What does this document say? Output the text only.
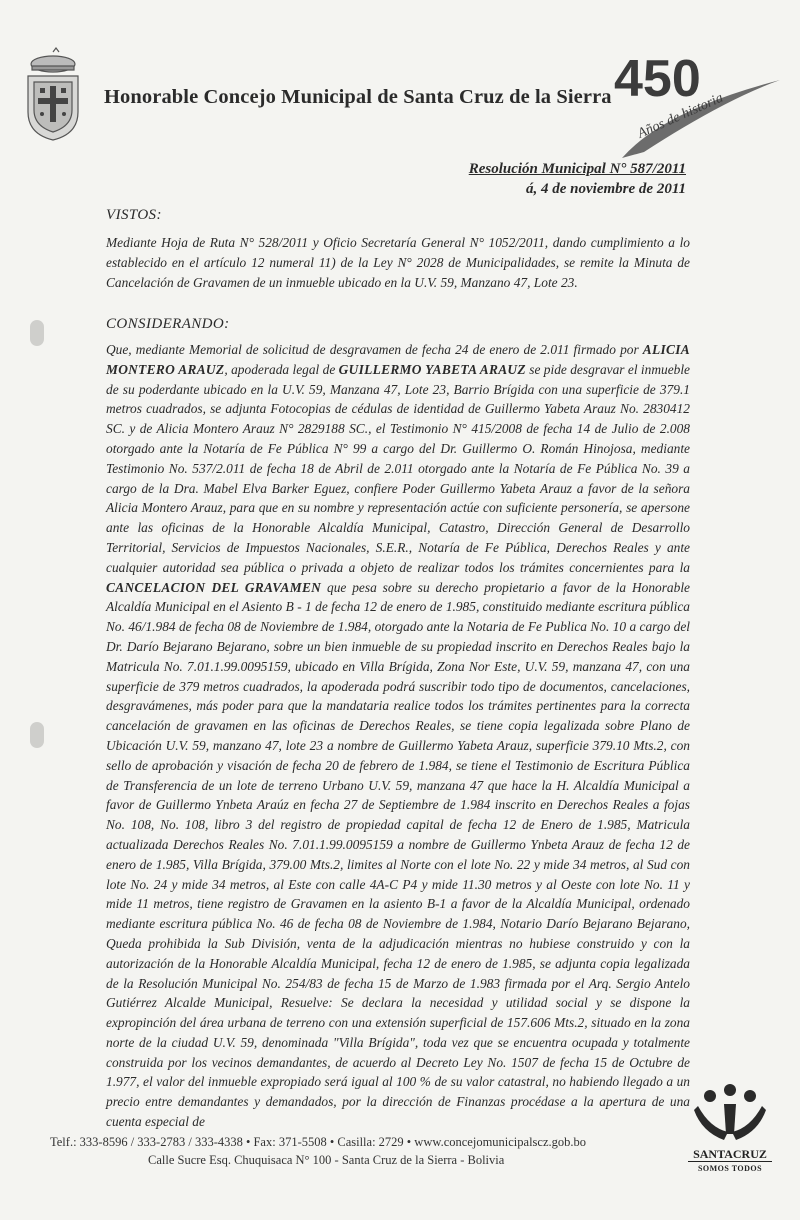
Honorable Concejo Municipal de Santa Cruz de la Sierra 450
Años de historia
Resolución Municipal N° 587/2011
á, 4 de noviembre de 2011
VISTOS:
Mediante Hoja de Ruta N° 528/2011 y Oficio Secretaría General N° 1052/2011, dando cumplimiento a lo establecido en el artículo 12 numeral 11) de la Ley N° 2028 de Municipalidades, se remite la Minuta de Cancelación de Gravamen de un inmueble ubicado en la U.V. 59, Manzano 47, Lote 23.
CONSIDERANDO:
Que, mediante Memorial de solicitud de desgravamen de fecha 24 de enero de 2.011 firmado por ALICIA MONTERO ARAUZ, apoderada legal de GUILLERMO YABETA ARAUZ se pide desgravar el inmueble de su poderdante ubicado en la U.V. 59, Manzana 47, Lote 23, Barrio Brígida con una superficie de 379.1 metros cuadrados, se adjunta Fotocopias de cédulas de identidad de Guillermo Yabeta Arauz No. 2830412 SC. y de Alicia Montero Arauz N° 2829188 SC., el Testimonio N° 415/2008 de fecha 14 de Julio de 2.008 otorgado ante la Notaría de Fe Pública N° 99 a cargo del Dr. Guillermo O. Román Hinojosa, mediante Testimonio No. 537/2.011 de fecha 18 de Abril de 2.011 otorgado ante la Notaría de Fe Pública No. 39 a cargo de la Dra. Mabel Elva Barker Eguez, confiere Poder Guillermo Yabeta Arauz a favor de la señora Alicia Montero Arauz, para que en su nombre y representación actúe con suficiente personería, se apersone ante las oficinas de la Honorable Alcaldía Municipal, Catastro, Dirección General de Desarrollo Territorial, Servicios de Impuestos Nacionales, S.E.R., Notaría de Fe Pública, Derechos Reales y ante cualquier autoridad sea pública o privada a objeto de realizar todos los trámites concernientes para la CANCELACION DEL GRAVAMEN que pesa sobre su derecho propietario a favor de la Honorable Alcaldía Municipal en el Asiento B - 1 de fecha 12 de enero de 1.985, constituido mediante escritura pública No. 46/1.984 de fecha 08 de Noviembre de 1.984, otorgado ante la Notaria de Fe Publica No. 10 a cargo del Dr. Darío Bejarano Bejarano, sobre un bien inmueble de su propiedad inscrito en Derechos Reales bajo la Matricula No. 7.01.1.99.0095159, ubicado en Villa Brígida, Zona Nor Este, U.V. 59, manzana 47, con una superficie de 379 metros cuadrados, la apoderada podrá suscribir todo tipo de documentos, cancelaciones, desgravámenes, más poder para que la mandataria realice todos los trámites pertinentes para la correcta cancelación de gravamen en las oficinas de Derechos Reales, se tiene copia legalizada sobre Plano de Ubicación U.V. 59, manzano 47, lote 23 a nombre de Guillermo Yabeta Arauz, superficie 379.10 Mts.2, con sello de aprobación y visación de fecha 20 de febrero de 1.984, se tiene el Testimonio de Escritura Pública de Transferencia de un lote de terreno Urbano U.V. 59, manzana 47 que hace la H. Alcaldía Municipal a favor de Guillermo Ynbeta Araúz en fecha 27 de Septiembre de 1.984 inscrito en Derechos Reales a fojas No. 108, No. 108, libro 3 del registro de propiedad capital de fecha 12 de Enero de 1.985, Matricula actualizada Derechos Reales No. 7.01.1.99.0095159 a nombre de Guillermo Ynbeta Arauz de fecha 12 de enero de 1.985, Villa Brígida, 379.00 Mts.2, limites al Norte con el lote No. 22 y mide 34 metros, al Sud con lote No. 24 y mide 34 metros, al Este con calle 4A-C P4 y mide 11.30 metros y al Oeste con lote No. 11 y mide 11 metros, tiene registro de Gravamen en la asiento B-1 a favor de la Alcaldía Municipal, ordenado mediante escritura pública No. 46 de fecha 08 de Noviembre de 1.984, Notario Darío Bejarano Bejarano, Queda prohibida la Sub División, venta de la adjudicación mientras no hubiese construido y con la autorización de la Honorable Alcaldía Municipal, fecha 12 de enero de 1.985, se adjunta copia legalizada de la Resolución Municipal No. 254/83 de fecha 15 de Marzo de 1.983 firmada por el Arq. Sergio Antelo Gutiérrez Alcalde Municipal, Resuelve: Se declara la necesidad y utilidad social y se dispone la expropinción del área urbana de terreno con una extensión superficial de 157.606 Mts.2, situado en la zona norte de la ciudad U.V. 59, denominada "Villa Brígida", toda vez que se encuentra ocupada y totalmente construida por los vecinos demandantes, de acuerdo al Decreto Ley No. 1507 de fecha 15 de Octubre de 1.977, el valor del inmueble expropiado será igual al 100 % de su valor catastral, no habiendo llegado a un precio entre demandantes y demandados, por la dirección de Finanzas procédase a la apertura de una cuenta especial de
Telf.: 333-8596 / 333-2783 / 333-4338 • Fax: 371-5508 • Casilla: 2729 • www.concejomunicipalscz.gob.bo
Calle Sucre Esq. Chuquisaca N° 100 - Santa Cruz de la Sierra - Bolivia	SANTACRUZ
SOMOS TODOS
